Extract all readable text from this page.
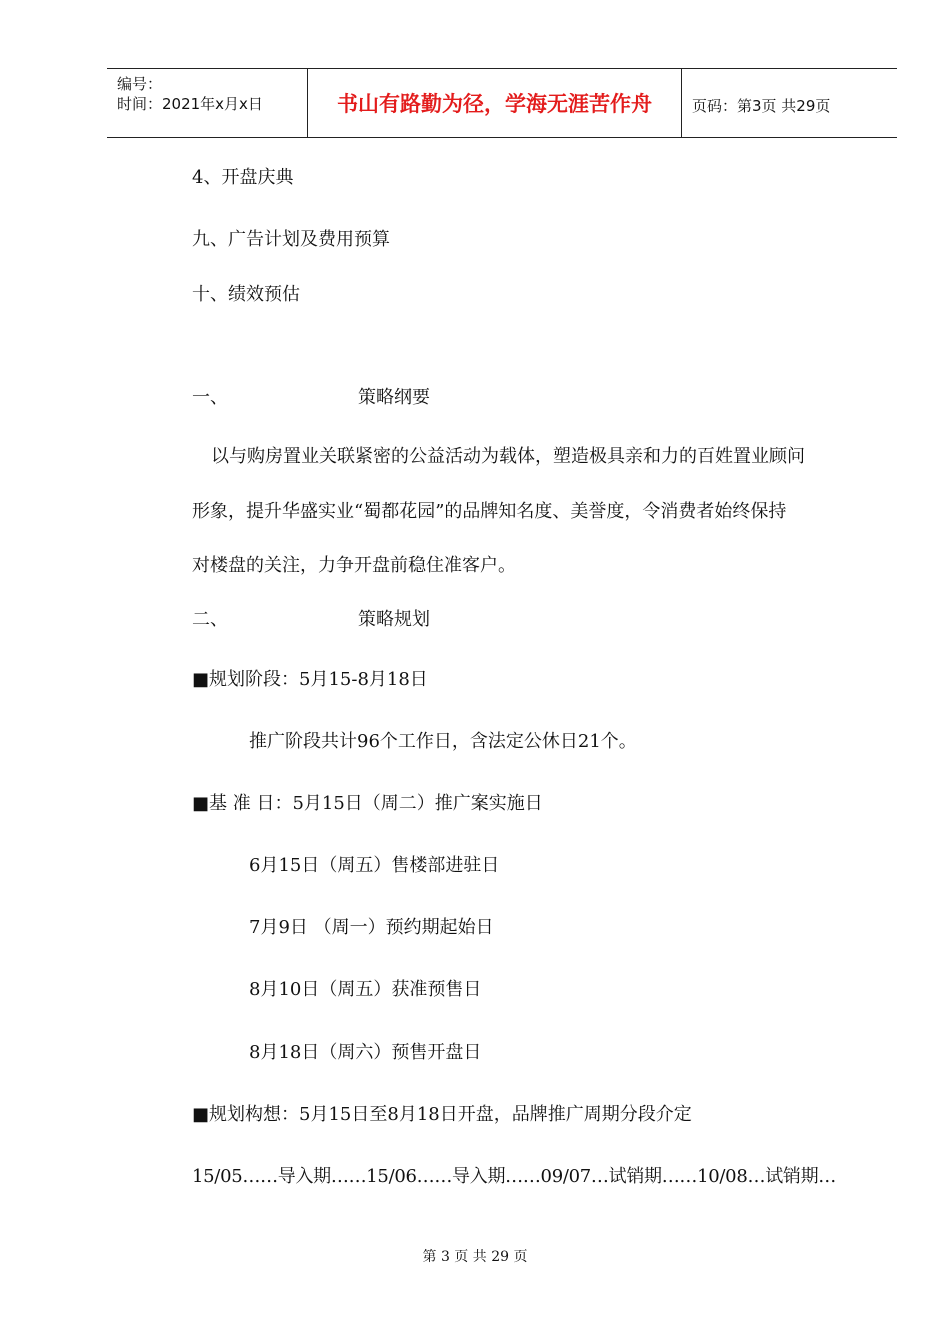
编号：
时间：2021年x月x日	书山有路勤为径，学海无涯苦作舟	页码：第3页 共29页
4、开盘庆典
九、广告计划及费用预算
十、绩效预估
一、	策略纲要
以与购房置业关联紧密的公益活动为载体，塑造极具亲和力的百姓置业顾问
形象，提升华盛实业“蜀都花园”的品牌知名度、美誉度，令消费者始终保持
对楼盘的关注，力争开盘前稳住准客户。
二、	策略规划
■规划阶段：5月15-8月18日
推广阶段共计96个工作日，含法定公休日21个。
■基 准 日：5月15日（周二）推广案实施日
6月15日（周五）售楼部进驻日
7月9日 （周一）预约期起始日
8月10日（周五）获准预售日
8月18日（周六）预售开盘日
■规划构想：5月15日至8月18日开盘，品牌推广周期分段介定
15/05……导入期……15/06……导入期……09/07…试销期……10/08…试销期…
第 3 页 共 29 页
